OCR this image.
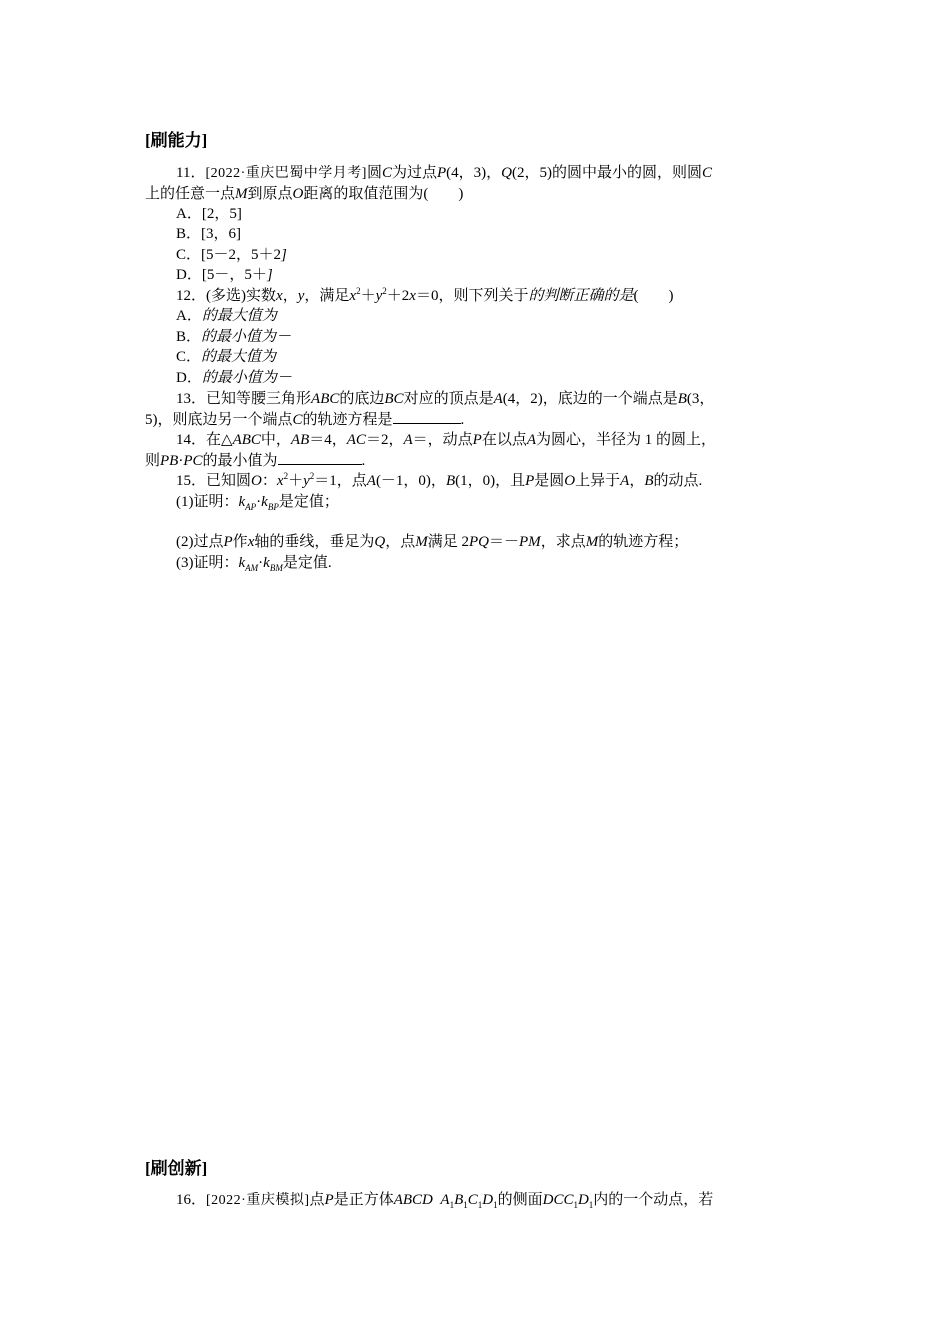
[刷能力]
11．[2022·重庆巴蜀中学月考]圆C为过点P(4，3)，Q(2，5)的圆中最小的圆，则圆C
上的任意一点M到原点O距离的取值范围为(　　)
A．[2，5]
B．[3，6]
C．[5－2，5＋2]
D．[5－，5＋]
12．(多选)实数x，y，满足$x^2+y^2+2x=0$，则下列关于的判断正确的是(　　)
A．的最大值为
B．的最小值为－
C．的最大值为
D．的最小值为－
13．已知等腰三角形ABC的底边BC对应的顶点是A(4，2)，底边的一个端点是B(3，
5)，则底边另一个端点C的轨迹方程是	.
14．在△ABC中，AB＝4，AC＝2，A＝，动点P在以点A为圆心，半径为 1 的圆上，
则PB·PC的最小值为	.
15．已知圆O：$x^2+y^2=1$，点A(－1，0)，B(1，0)，且P是圆O上异于A，B的动点.
(1)证明：$k_{AP}\cdot k_{BP}$是定值；
(2)过点P作x轴的垂线，垂足为Q，点M满足 2PQ＝－PM，求点M的轨迹方程；
(3)证明：$k_{AM}\cdot k_{BM}$是定值.
[刷创新]
16．[2022·重庆模拟]点P是正方体ABCD $A_1B_1C_1D_1$的侧面$DCC_1D_1$内的一个动点，若
